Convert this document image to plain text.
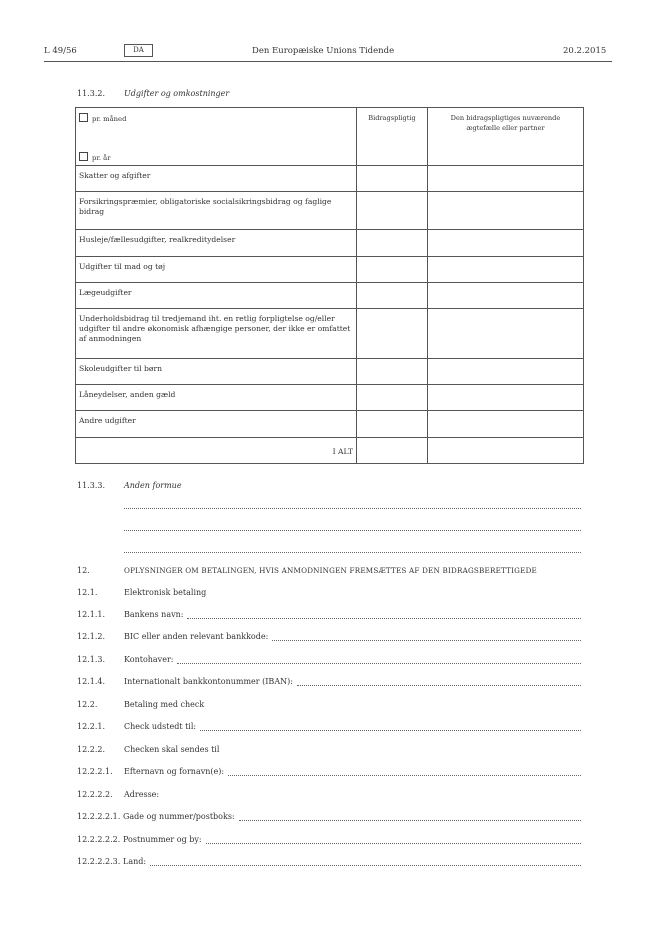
L 49/56	DA	Den Europæiske Unions Tidende	20.2.2015
11.3.2. Udgifter og omkostninger
pr. måned
pr. år	Bidragspligtig	Den bidragspligtiges nuværende ægtefælle eller partner
Skatter og afgifter		
Forsikringspræmier, obligatoriske socialsikringsbidrag og faglige bidrag		
Husleje/fællesudgifter, realkreditydelser		
Udgifter til mad og tøj		
Lægeudgifter		
Underholdsbidrag til tredjemand iht. en retlig forpligtelse og/eller udgifter til andre økonomisk afhængige personer, der ikke er omfattet af anmodningen		
Skoleudgifter til børn		
Låneydelser, anden gæld		
Andre udgifter		
I ALT		
11.3.3. Anden formue
12.	OPLYSNINGER OM BETALINGEN, HVIS ANMODNINGEN FREMSÆTTES AF DEN BIDRAGSBERETTIGEDE
12.1.	Elektronisk betaling
12.1.1. Bankens navn:
12.1.2. BIC eller anden relevant bankkode:
12.1.3. Kontohaver:
12.1.4. Internationalt bankkontonummer (IBAN):
12.2.	Betaling med check
12.2.1. Check udstedt til:
12.2.2. Checken skal sendes til
12.2.2.1. Efternavn og fornavn(e):
12.2.2.2. Adresse:
12.2.2.2.1. Gade og nummer/postboks:
12.2.2.2.2. Postnummer og by:
12.2.2.2.3. Land:
